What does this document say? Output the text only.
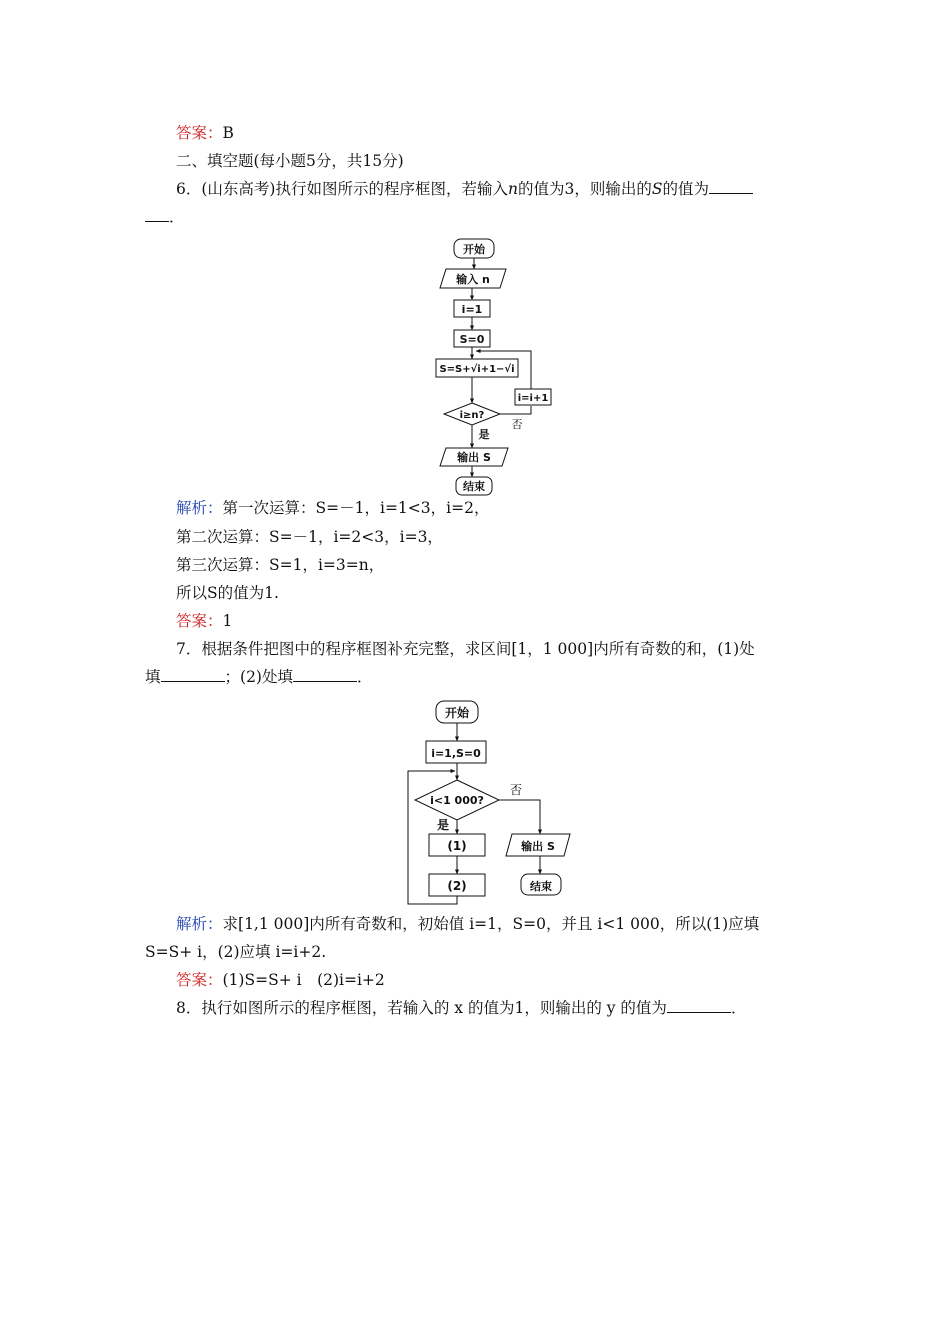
答案：B
二、填空题(每小题5分，共15分)
6．(山东高考)执行如图所示的程序框图，若输入n的值为3，则输出的S的值为
．
开始
输入 n
i=1
S=0
S=S+√i+1−√i
i≥n?
i=i+1
否
是
输出 S
结束
解析：第一次运算：S=－1，i=1<3，i=2，
第二次运算：S=－1，i=2<3，i=3，
第三次运算：S=1，i=3=n，
所以S的值为1.
答案：1
7．根据条件把图中的程序框图补充完整，求区间[1，1 000]内所有奇数的和，(1)处
填	；(2)处填	．
开始
i=1,S=0
i<1 000?
否
是
(1)
(2)
输出 S
结束
解析：求[1,1 000]内所有奇数和，初始值 i=1，S=0，并且 i<1 000，所以(1)应填
S=S+ i，(2)应填 i=i+2.
答案：(1)S=S+ i　(2)i=i+2
8．执行如图所示的程序框图，若输入的 x 的值为1，则输出的 y 的值为	．
